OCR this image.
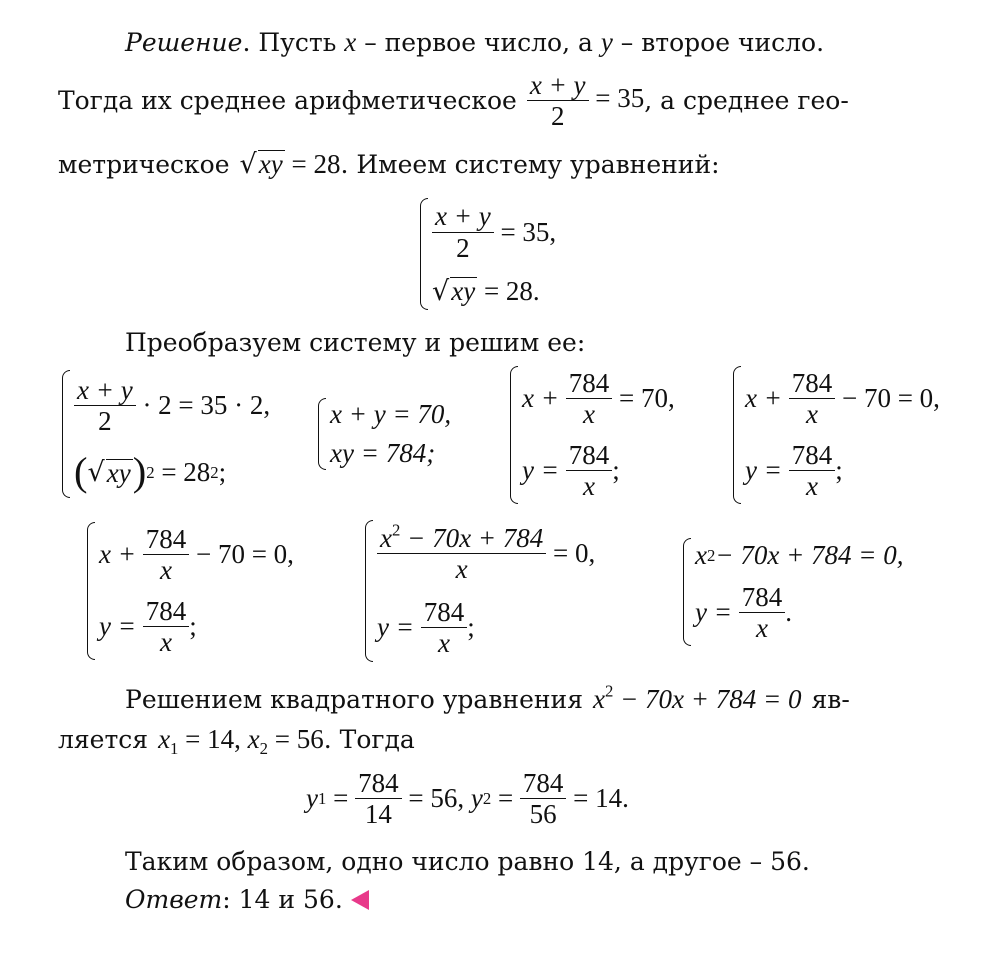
Решение. Пусть x – первое число, а y – второе число.
Тогда их среднее арифметическое $\frac{x + y}{2} = 35$ , а среднее гео-
метрическое √xy = 28 . Имеем систему уравнений:
$\frac{x + y}{2}$
= 35,
√ xy
= 28.
Преобразуем систему и решим ее:
$\frac{x + y}{2}$
· 2 = 35 · 2,
( √ xy ) 2
= 28 2 ;
x + y = 70,
xy = 784;
x +
$\frac{784}{x}$
= 70,
y =
$\frac{784}{x}$ ;
x +
$\frac{784}{x}$
− 70 = 0,
y =
$\frac{784}{x}$ ;
x +
$\frac{784}{x}$
− 70 = 0,
y =
$\frac{784}{x}$ ;
$\frac{x^2 - 70x + 784}{x}$
= 0,
y =
$\frac{784}{x}$ ;
x 2 − 70x + 784 = 0,
y =
$\frac{784}{x}$ .
Решением квадратного уравнения $x^2 - 70x + 784 = 0$ яв-
ляется $x_1 = 14$, $x_2 = 56$ . Тогда
y 1
=
$\frac{784}{14}$
= 56,
y 2
=
$\frac{784}{56}$
= 14.
Таким образом, одно число равно 14, а другое – 56.
Ответ: 14 и 56.
